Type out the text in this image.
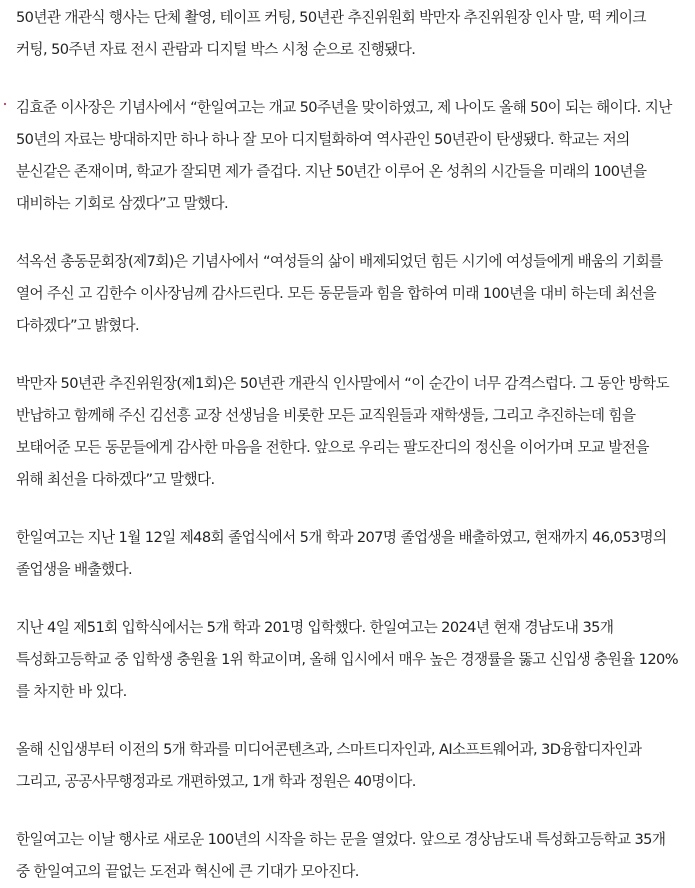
50년관 개관식 행사는 단체 촬영, 테이프 커팅, 50년관 추진위원회 박만자 추진위원장 인사 말, 떡 케이크 커팅, 50주년 자료 전시 관람과 디지털 박스 시청 순으로 진행됐다.

김효준 이사장은 기념사에서 “한일여고는 개교 50주년을 맞이하였고, 제 나이도 올해 50이 되는 해이다. 지난 50년의 자료는 방대하지만 하나 하나 잘 모아 디지털화하여 역사관인 50년관이 탄생됐다. 학교는 저의 분신같은 존재이며, 학교가 잘되면 제가 즐겁다. 지난 50년간 이루어 온 성취의 시간들을 미래의 100년을 대비하는 기회로 삼겠다”고 말했다.

석옥선 총동문회장(제7회)은 기념사에서 “여성들의 삶이 배제되었던 힘든 시기에 여성들에게 배움의 기회를 열어 주신 고 김한수 이사장님께 감사드린다. 모든 동문들과 힘을 합하여 미래 100년을 대비 하는데 최선을 다하겠다”고 밝혔다.

박만자 50년관 추진위원장(제1회)은 50년관 개관식 인사말에서 “이 순간이 너무 감격스럽다. 그 동안 방학도 반납하고 함께해 주신 김선흥 교장 선생님을 비롯한 모든 교직원들과 재학생들, 그리고 추진하는데 힘을 보태어준 모든 동문들에게 감사한 마음을 전한다. 앞으로 우리는 팔도잔디의 정신을 이어가며 모교 발전을 위해 최선을 다하겠다”고 말했다.

한일여고는 지난 1월 12일 제48회 졸업식에서 5개 학과 207명 졸업생을 배출하였고, 현재까지 46,053명의 졸업생을 배출했다.

지난 4일 제51회 입학식에서는 5개 학과 201명 입학했다. 한일여고는 2024년 현재 경남도내 35개 특성화고등학교 중 입학생 충원율 1위 학교이며, 올해 입시에서 매우 높은 경쟁률을 뚫고 신입생 충원율 120%를 차지한 바 있다.

올해 신입생부터 이전의 5개 학과를 미디어콘텐츠과, 스마트디자인과, AI소프트웨어과, 3D융합디자인과 그리고, 공공사무행정과로 개편하였고, 1개 학과 정원은 40명이다.

한일여고는 이날 행사로 새로운 100년의 시작을 하는 문을 열었다. 앞으로 경상남도내 특성화고등학교 35개 중 한일여고의 끝없는 도전과 혁신에 큰 기대가 모아진다.
